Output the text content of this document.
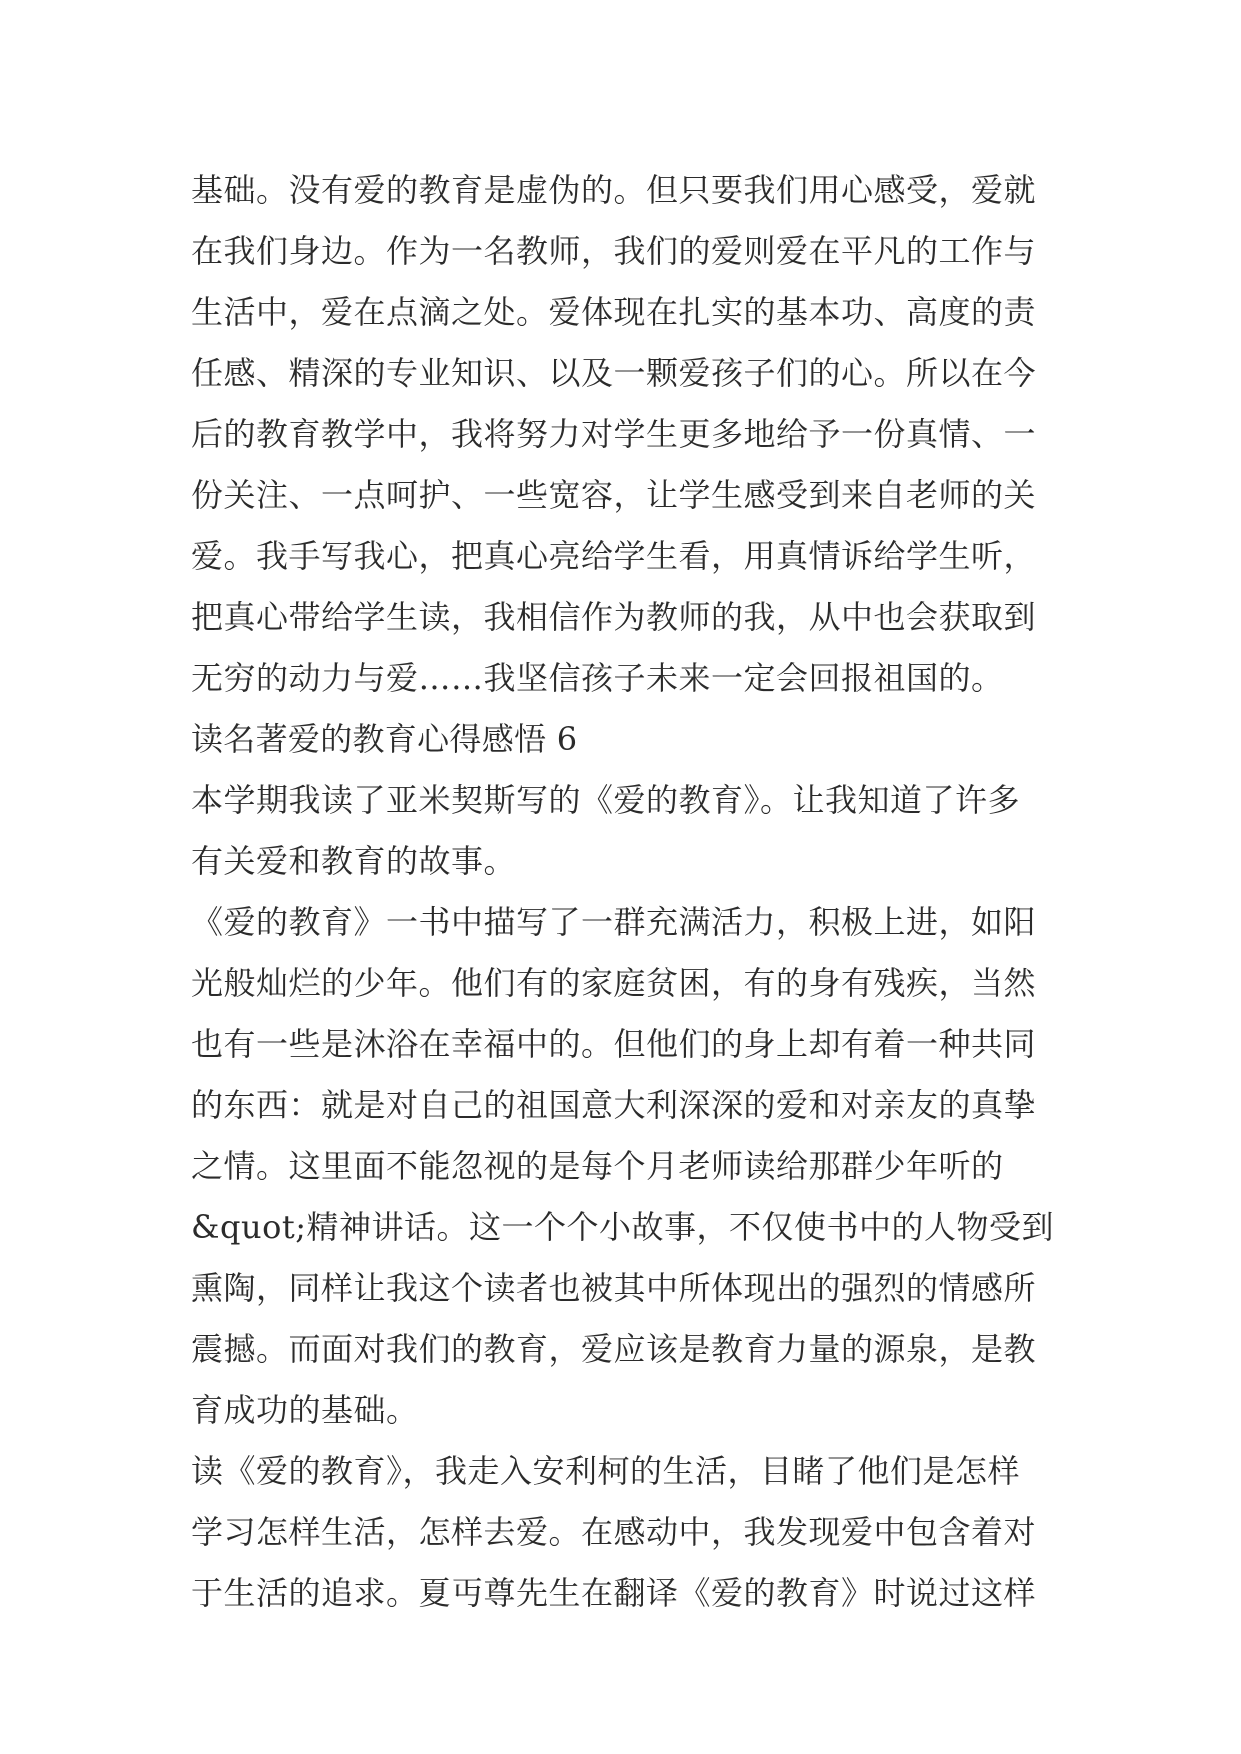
基础。没有爱的教育是虚伪的。但只要我们用心感受，爱就
在我们身边。作为一名教师，我们的爱则爱在平凡的工作与
生活中，爱在点滴之处。爱体现在扎实的基本功、高度的责
任感、精深的专业知识、以及一颗爱孩子们的心。所以在今
后的教育教学中，我将努力对学生更多地给予一份真情、一
份关注、一点呵护、一些宽容，让学生感受到来自老师的关
爱。我手写我心，把真心亮给学生看，用真情诉给学生听，
把真心带给学生读，我相信作为教师的我，从中也会获取到
无穷的动力与爱……我坚信孩子未来一定会回报祖国的。
读名著爱的教育心得感悟 6
本学期我读了亚米契斯写的《爱的教育》。让我知道了许多
有关爱和教育的故事。
《爱的教育》一书中描写了一群充满活力，积极上进，如阳
光般灿烂的少年。他们有的家庭贫困，有的身有残疾，当然
也有一些是沐浴在幸福中的。但他们的身上却有着一种共同
的东西：就是对自己的祖国意大利深深的爱和对亲友的真挚
之情。这里面不能忽视的是每个月老师读给那群少年听的
&quot;精神讲话。这一个个小故事，不仅使书中的人物受到
熏陶，同样让我这个读者也被其中所体现出的强烈的情感所
震撼。而面对我们的教育，爱应该是教育力量的源泉，是教
育成功的基础。
读《爱的教育》，我走入安利柯的生活，目睹了他们是怎样
学习怎样生活，怎样去爱。在感动中，我发现爱中包含着对
于生活的追求。夏丏尊先生在翻译《爱的教育》时说过这样
